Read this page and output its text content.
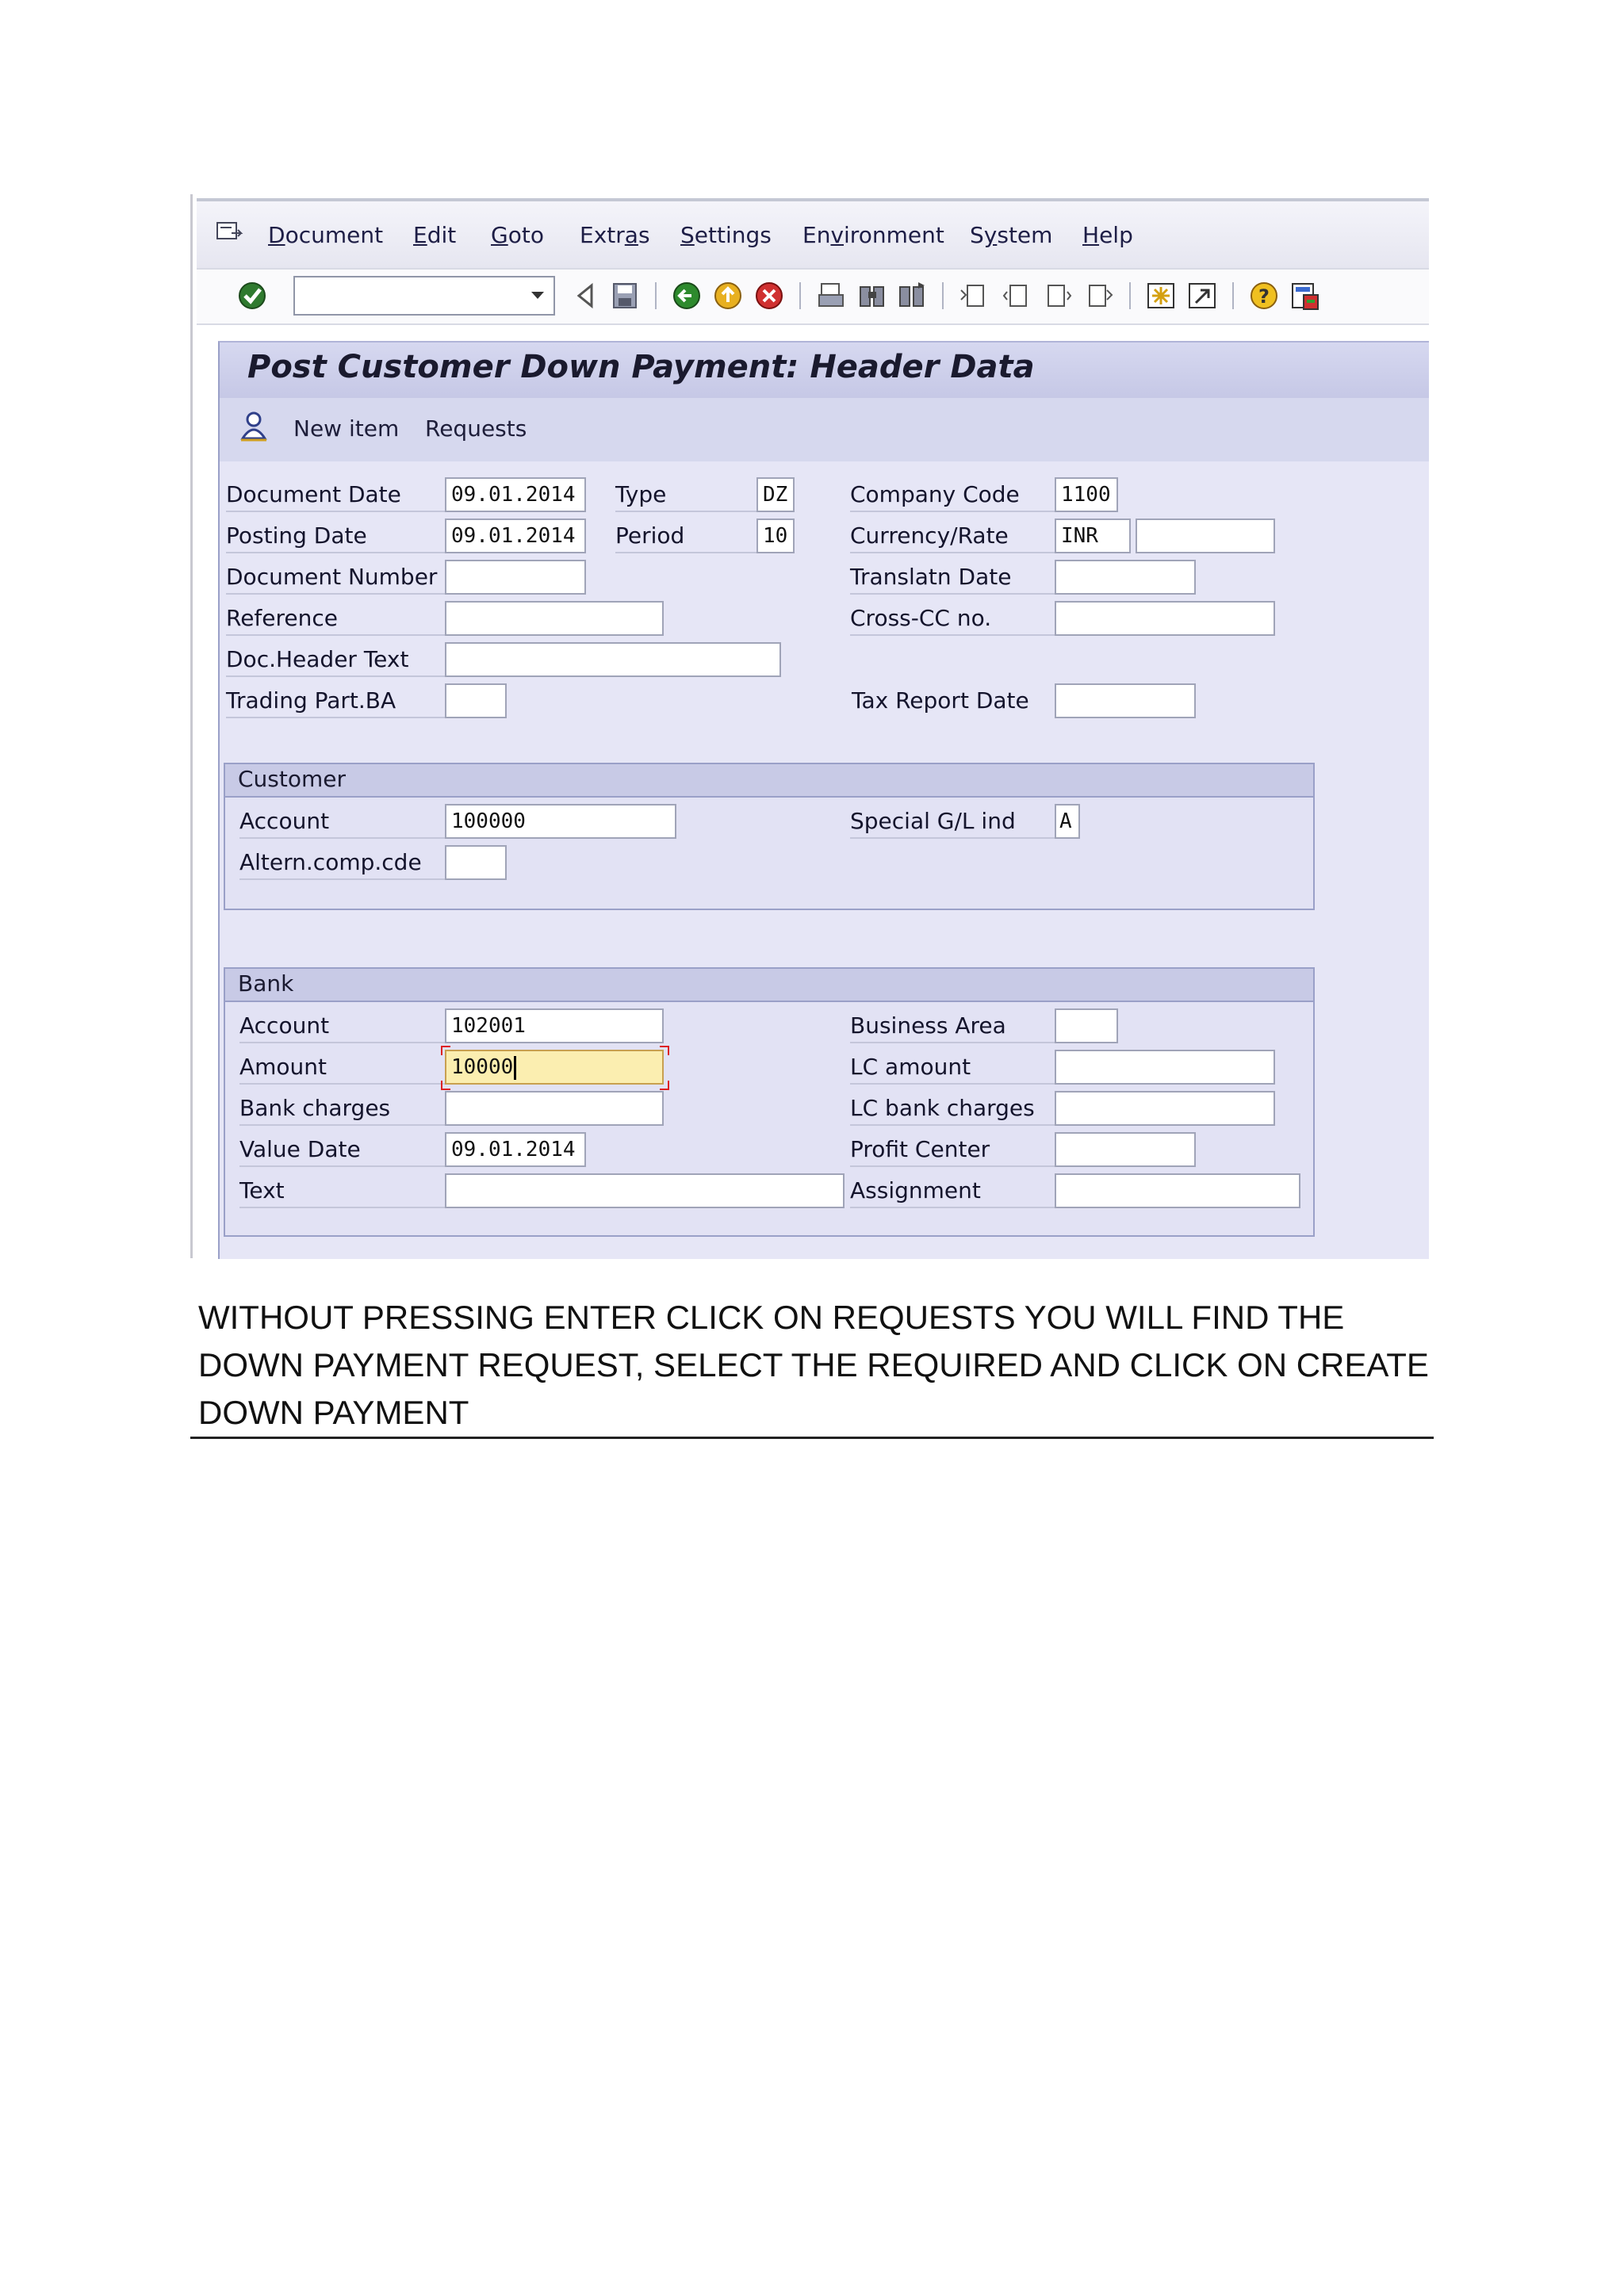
Document Edit Goto Extras Settings Environment System Help
?
Post Customer Down Payment: Header Data
New item Requests
Document Date	09.01.2014
Posting Date	09.01.2014
Document Number
Reference
Doc.Header Text
Trading Part.BA
Type	DZ
Period	10
Company Code	1100
Currency/Rate	INR
Translatn Date
Cross-CC no.
Tax Report Date
Customer
Account	100000
Altern.comp.cde
Special G/L ind	A
Bank
Account	102001
Amount	10000
Bank charges
Value Date	09.01.2014
Text
Business Area
LC amount
LC bank charges
Profit Center
Assignment
WITHOUT PRESSING ENTER CLICK ON REQUESTS YOU WILL FIND THE DOWN PAYMENT REQUEST, SELECT THE REQUIRED AND CLICK ON CREATE DOWN PAYMENT
